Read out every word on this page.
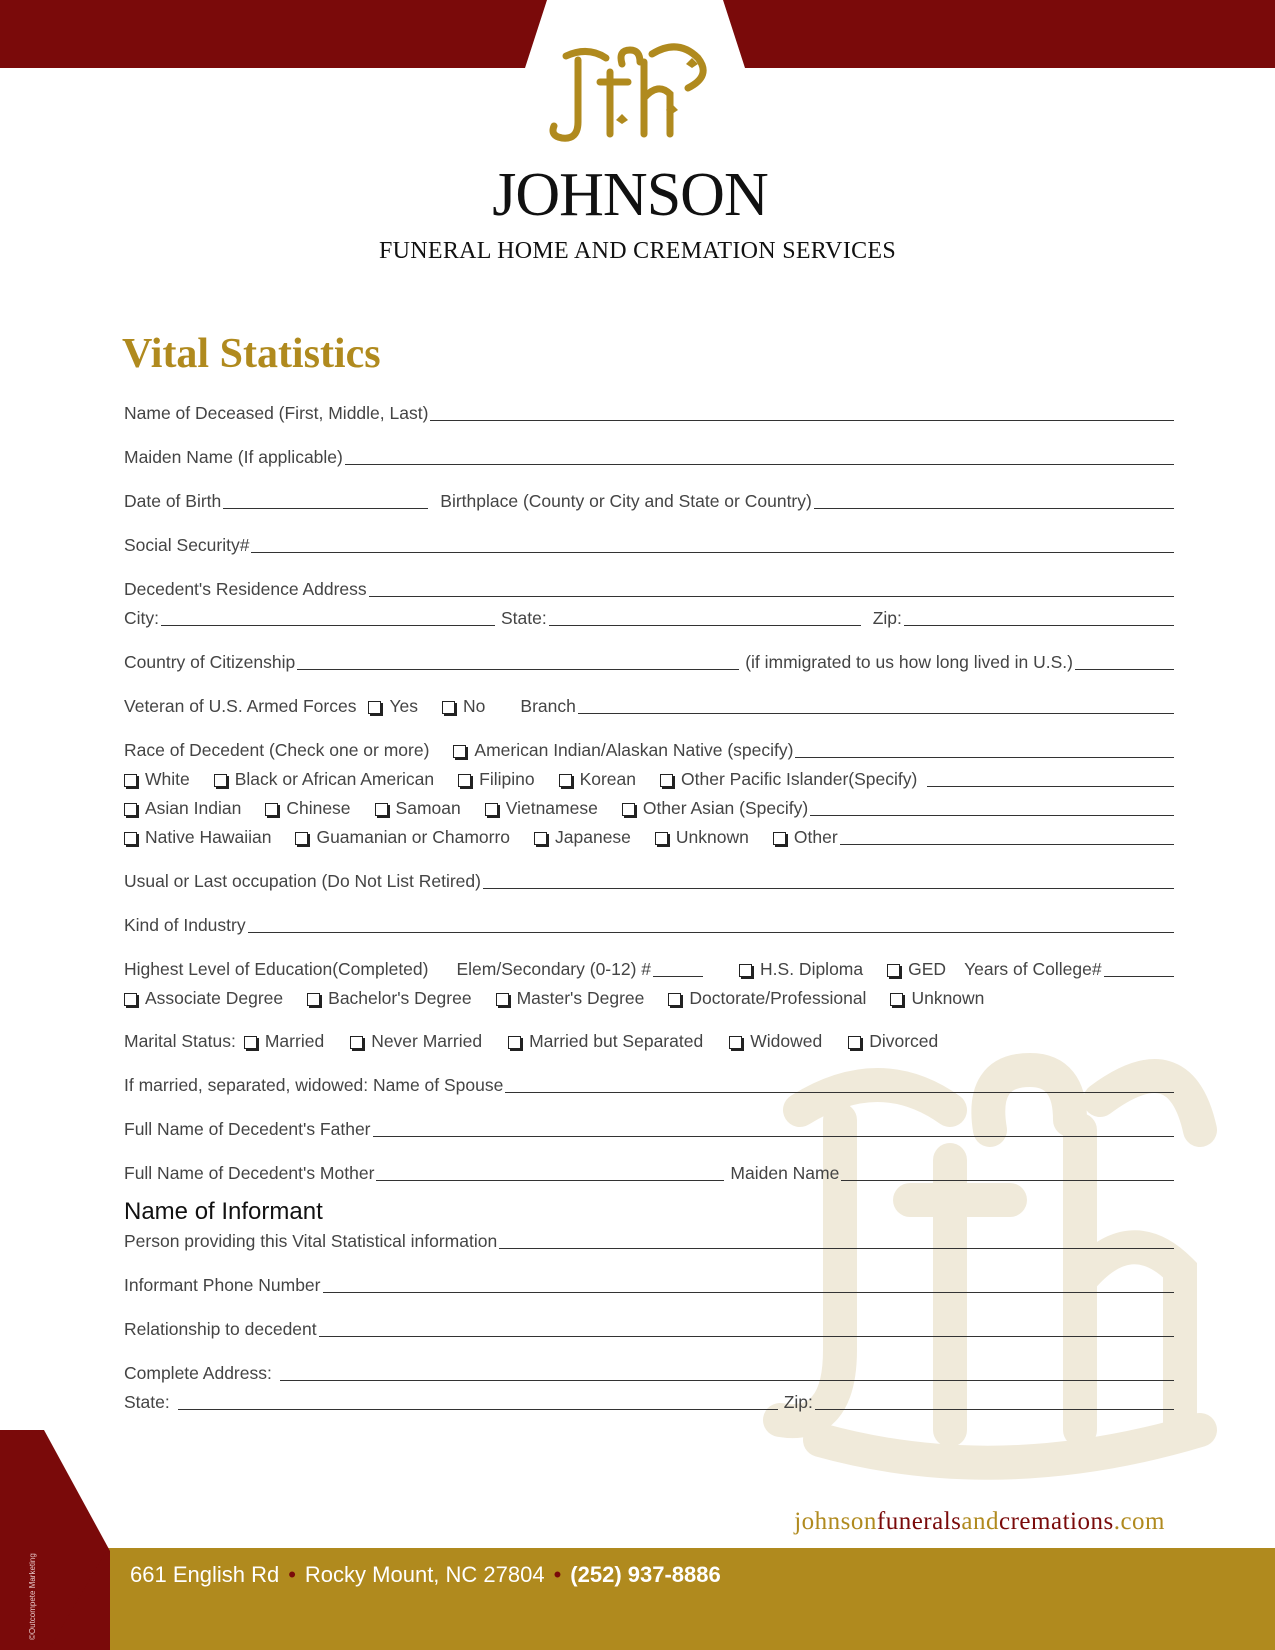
JOHNSON
FUNERAL HOME AND CREMATION SERVICES
Vital Statistics
Name of Deceased (First, Middle, Last)
Maiden Name (If applicable)
Date of Birth	Birthplace (County or City and State or Country)
Social Security#
Decedent's Residence Address
City:	State:	Zip:
Country of Citizenship	(if immigrated to us how long lived in U.S.)
Veteran of U.S. Armed Forces Yes	No Branch
Race of Decedent (Check one or more)	American Indian/Alaskan Native (specify)
White	Black or African American	Filipino	Korean	Other Pacific Islander(Specify)
Asian Indian	Chinese	Samoan	Vietnamese	Other Asian (Specify)
Native Hawaiian	Guamanian or Chamorro	Japanese	Unknown	Other
Usual or Last occupation (Do Not List Retired)
Kind of Industry
Highest Level of Education(Completed) Elem/Secondary (0-12) #	H.S. Diploma	GED Years of College#
Associate Degree	Bachelor's Degree	Master's Degree	Doctorate/Professional	Unknown
Marital Status: Married	Never Married	Married but Separated	Widowed	Divorced
If married, separated, widowed: Name of Spouse
Full Name of Decedent's Father
Full Name of Decedent's Mother	Maiden Name
Name of Informant
Person providing this Vital Statistical information
Informant Phone Number
Relationship to decedent
Complete Address:
State:	Zip:
johnsonfuneralsandcremations.com
661 English Rd • Rocky Mount, NC 27804 • (252) 937-8886
©Outcompete Marketing
